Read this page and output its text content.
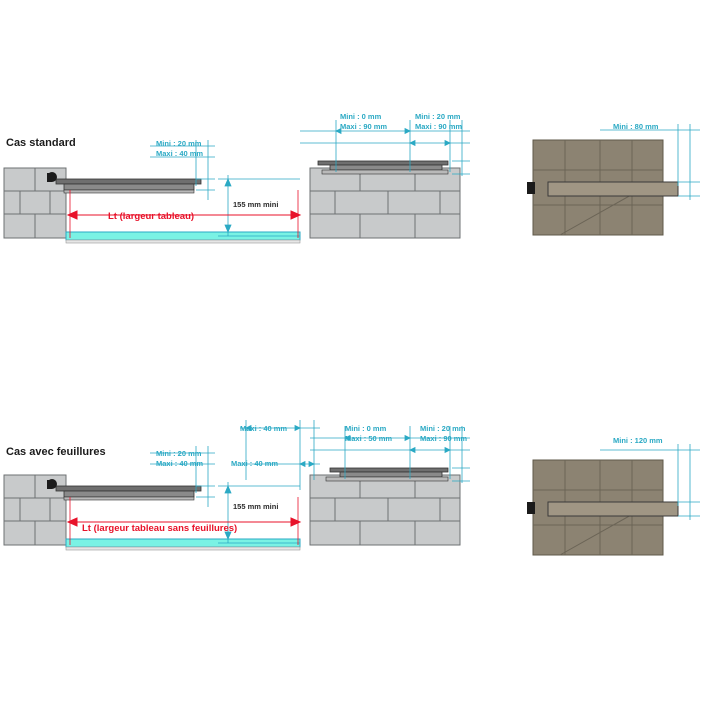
Cas standard	Mini : 20 mm
Maxi : 40 mm
155 mm mini
Lt (largeur tableau)
Mini : 0 mm
Maxi : 90 mm
Mini : 20 mm
Maxi : 90 mm	Mini : 80 mm
Cas avec feuillures	Mini : 20 mm
Maxi : 40 mm
Maxi : 40 mm
Maxi : 40 mm
155 mm mini
Lt (largeur tableau sans feuillures)
Mini : 0 mm
Maxi : 50 mm
Mini : 20 mm
Maxi : 90 mm	Mini : 120 mm
